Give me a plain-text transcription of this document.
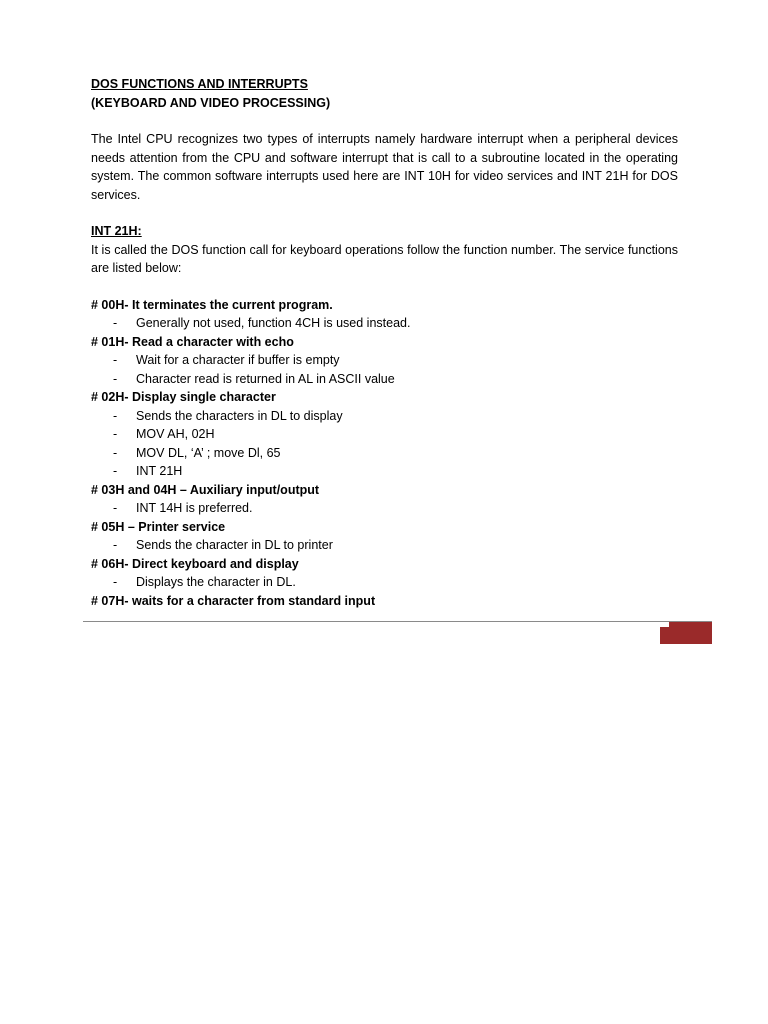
DOS FUNCTIONS AND INTERRUPTS

(KEYBOARD AND VIDEO PROCESSING)

The Intel CPU recognizes two types of interrupts namely hardware interrupt when a peripheral devices needs attention from the CPU and software interrupt that is call to a subroutine located in the operating system. The common software interrupts used here are INT 10H for video services and INT 21H for DOS services.

INT 21H:

It is called the DOS function call for keyboard operations follow the function number. The service functions are listed below:

# 00H- It terminates the current program.

- Generally not used, function 4CH is used instead.

# 01H- Read a character with echo

- Wait for a character if buffer is empty
- Character read is returned in AL in ASCII value

# 02H- Display single character

- Sends the characters in DL to display
- MOV AH, 02H
- MOV DL, ‘A’ ; move Dl, 65
- INT 21H

# 03H and 04H – Auxiliary input/output

- INT 14H is preferred.

# 05H – Printer service

- Sends the character in DL to printer

# 06H- Direct keyboard and display

- Displays the character in DL.

# 07H- waits for a character from standard input
